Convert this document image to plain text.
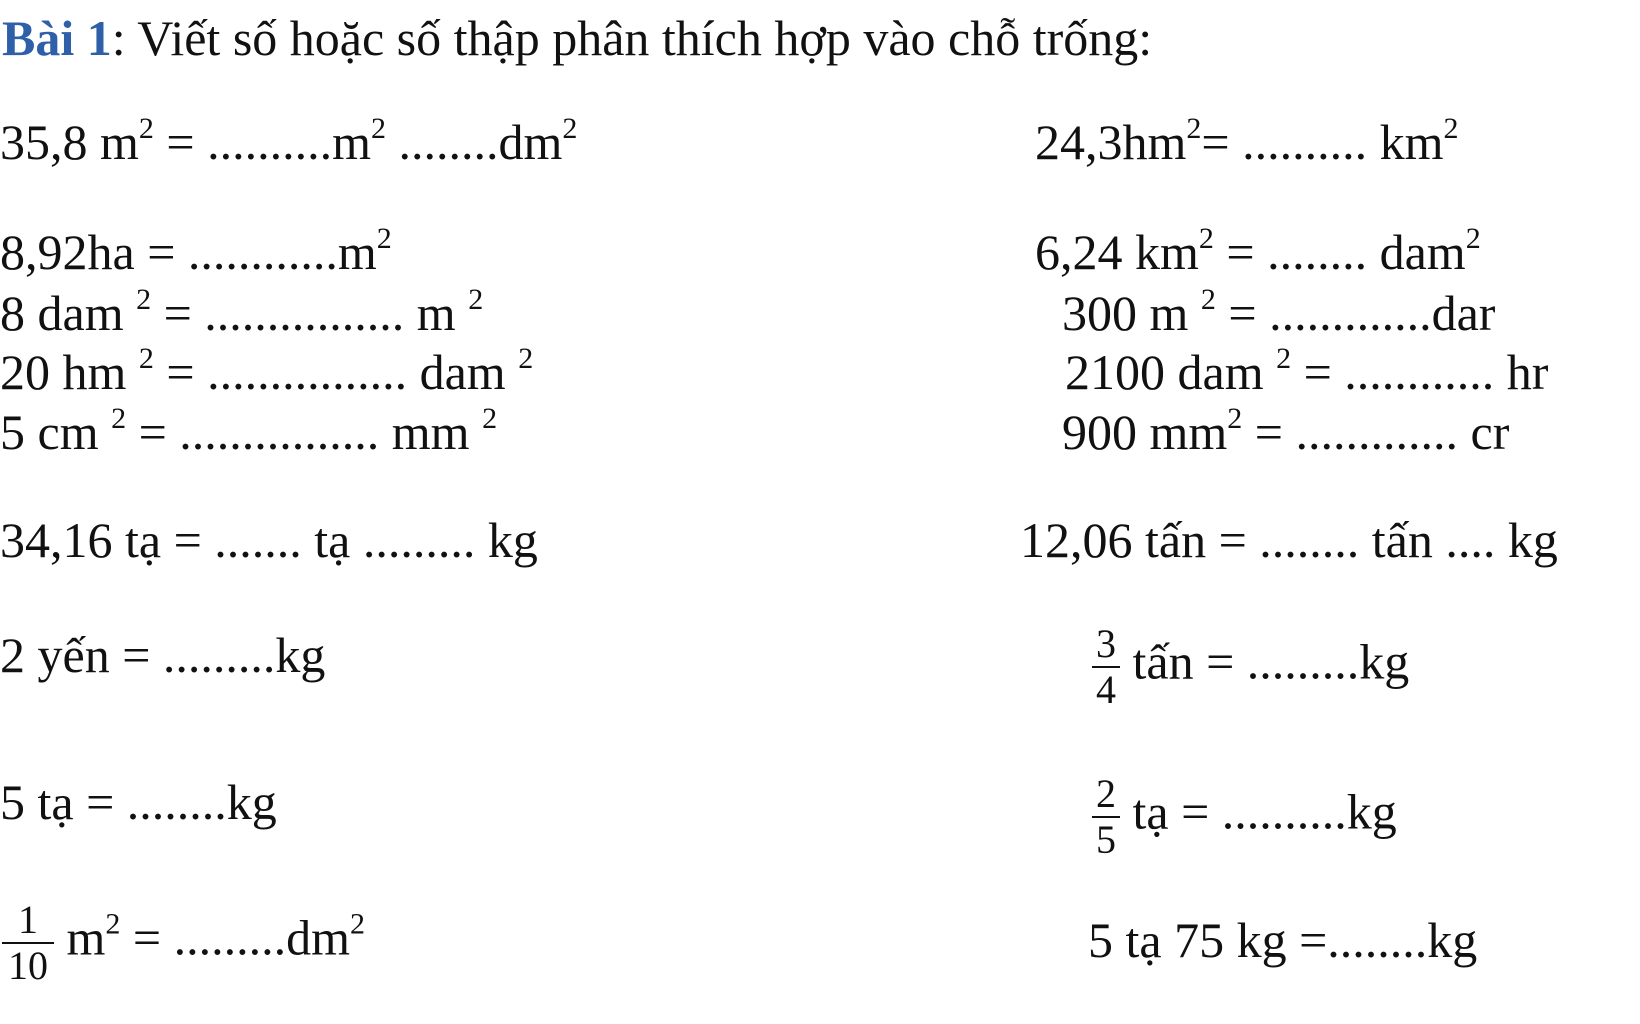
Bài 1: Viết số hoặc số thập phân thích hợp vào chỗ trống:
35,8 $m^2 = ..........m^2$ $........dm^2$
$8,92ha = ............m^2$
8 dam $^2$ = ................ m $^2$
20 hm $^2$ = ................ dam $^2$
5 cm $^2$ = ................ mm $^2$
34,16 tạ = ....... tạ ......... kg
2 yến = .........kg
5 tạ = ........kg
$\frac{1}{10} m^2 = .........dm^2$
$24,3hm^2=$ .......... $km^2$
6,24 $km^2$ = ........ dam$^2$
300 m $^2$ = .............dar
2100 dam $^2$ = ............ hr
900 $mm^2$ = ............. cr
12,06 tấn = ........ tấn .... kg
$\frac{3}{4}$ tấn = .........kg
$\frac{2}{5}$ tạ = ..........kg
5 tạ 75 kg =........kg
